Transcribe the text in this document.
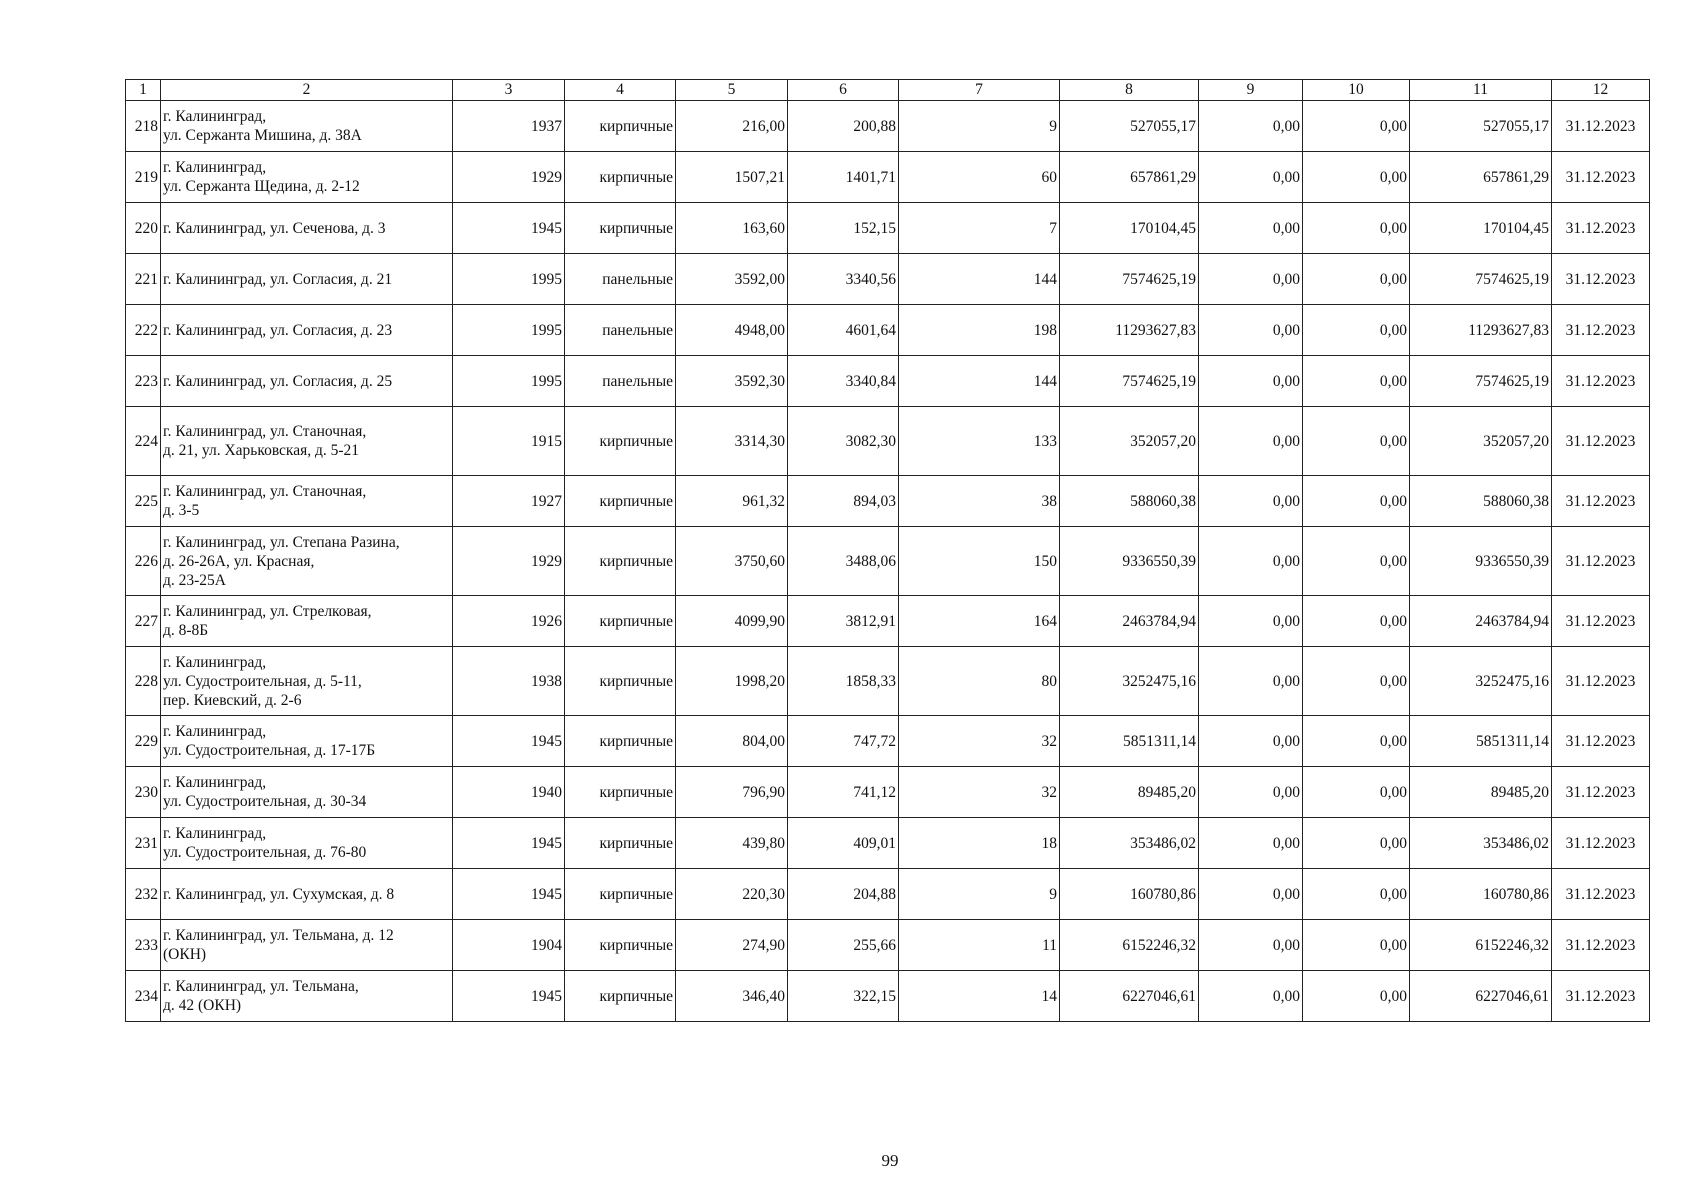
1	2	3	4	5	6	7	8	9	10	11	12
218	г. Калининград,
ул. Сержанта Мишина, д. 38А	1937	кирпичные	216,00	200,88	9	527055,17	0,00	0,00	527055,17	31.12.2023
219	г. Калининград,
ул. Сержанта Щедина, д. 2-12	1929	кирпичные	1507,21	1401,71	60	657861,29	0,00	0,00	657861,29	31.12.2023
220	г. Калининград, ул. Сеченова, д. 3	1945	кирпичные	163,60	152,15	7	170104,45	0,00	0,00	170104,45	31.12.2023
221	г. Калининград, ул. Согласия, д. 21	1995	панельные	3592,00	3340,56	144	7574625,19	0,00	0,00	7574625,19	31.12.2023
222	г. Калининград, ул. Согласия, д. 23	1995	панельные	4948,00	4601,64	198	11293627,83	0,00	0,00	11293627,83	31.12.2023
223	г. Калининград, ул. Согласия, д. 25	1995	панельные	3592,30	3340,84	144	7574625,19	0,00	0,00	7574625,19	31.12.2023
224	г. Калининград, ул. Станочная,
д. 21, ул. Харьковская, д. 5-21	1915	кирпичные	3314,30	3082,30	133	352057,20	0,00	0,00	352057,20	31.12.2023
225	г. Калининград, ул. Станочная,
д. 3-5	1927	кирпичные	961,32	894,03	38	588060,38	0,00	0,00	588060,38	31.12.2023
226	г. Калининград, ул. Степана Разина,
д. 26-26А, ул. Красная,
д. 23-25А	1929	кирпичные	3750,60	3488,06	150	9336550,39	0,00	0,00	9336550,39	31.12.2023
227	г. Калининград, ул. Стрелковая,
д. 8-8Б	1926	кирпичные	4099,90	3812,91	164	2463784,94	0,00	0,00	2463784,94	31.12.2023
228	г. Калининград,
ул. Судостроительная, д. 5-11,
пер. Киевский, д. 2-6	1938	кирпичные	1998,20	1858,33	80	3252475,16	0,00	0,00	3252475,16	31.12.2023
229	г. Калининград,
ул. Судостроительная, д. 17-17Б	1945	кирпичные	804,00	747,72	32	5851311,14	0,00	0,00	5851311,14	31.12.2023
230	г. Калининград,
ул. Судостроительная, д. 30-34	1940	кирпичные	796,90	741,12	32	89485,20	0,00	0,00	89485,20	31.12.2023
231	г. Калининград,
ул. Судостроительная, д. 76-80	1945	кирпичные	439,80	409,01	18	353486,02	0,00	0,00	353486,02	31.12.2023
232	г. Калининград, ул. Сухумская, д. 8	1945	кирпичные	220,30	204,88	9	160780,86	0,00	0,00	160780,86	31.12.2023
233	г. Калининград, ул. Тельмана, д. 12
(ОКН)	1904	кирпичные	274,90	255,66	11	6152246,32	0,00	0,00	6152246,32	31.12.2023
234	г. Калининград, ул. Тельмана,
д. 42 (ОКН)	1945	кирпичные	346,40	322,15	14	6227046,61	0,00	0,00	6227046,61	31.12.2023
99
